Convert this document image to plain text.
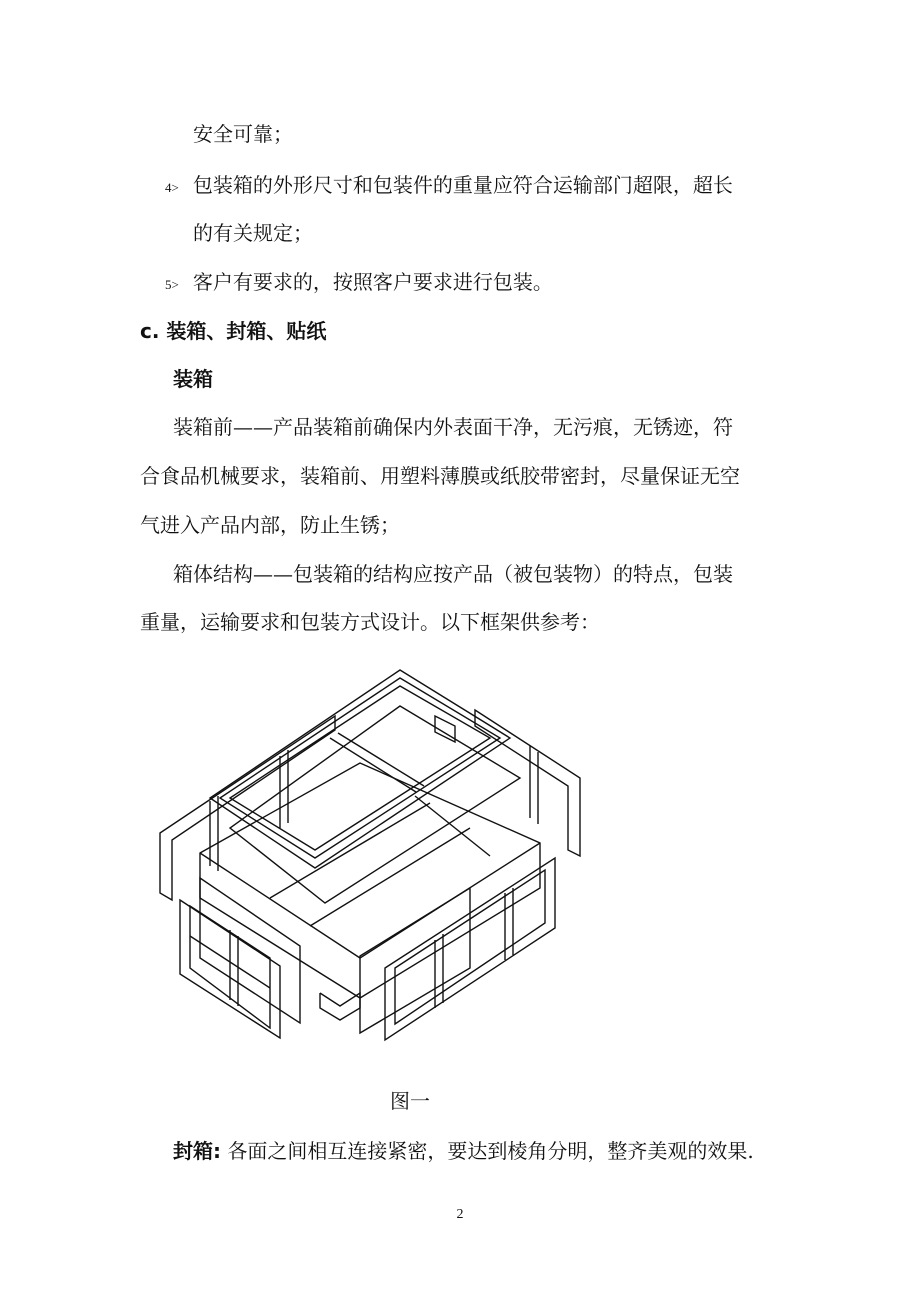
安全可靠；
4> 包装箱的外形尺寸和包装件的重量应符合运输部门超限，超长
的有关规定；
5> 客户有要求的，按照客户要求进行包装。
c. 装箱、封箱、贴纸
装箱
装箱前——产品装箱前确保内外表面干净，无污痕，无锈迹，符
合食品机械要求，装箱前、用塑料薄膜或纸胶带密封，尽量保证无空
气进入产品内部，防止生锈；
箱体结构——包装箱的结构应按产品（被包装物）的特点，包装
重量，运输要求和包装方式设计。以下框架供参考：
图一
封箱: 各面之间相互连接紧密，要达到棱角分明，整齐美观的效果.
2
